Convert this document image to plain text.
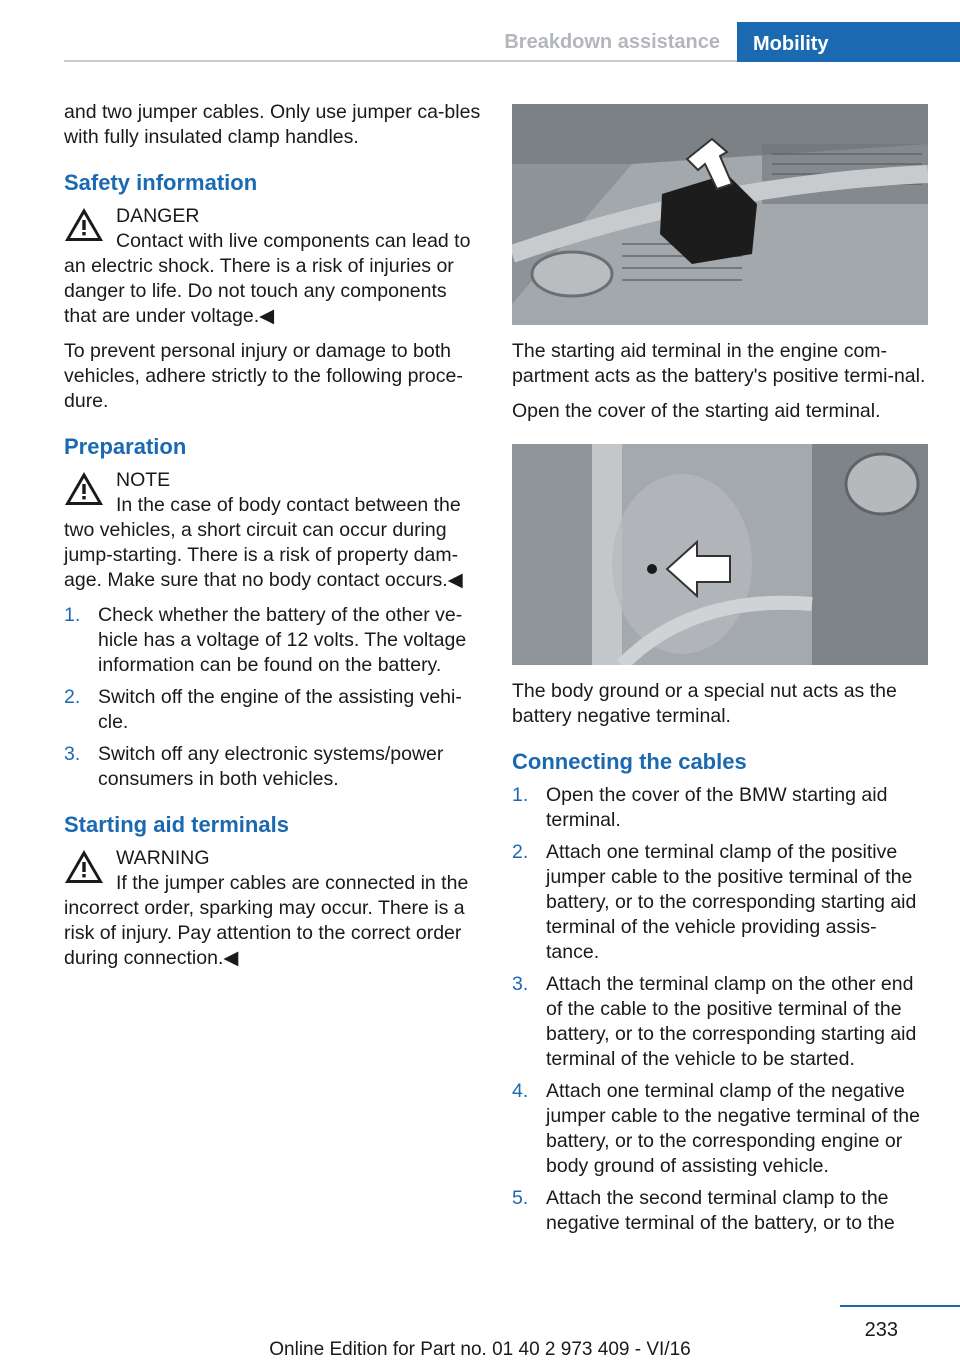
Breakdown assistance Mobility

and two jumper cables. Only use jumper ca-bles with fully insulated clamp handles.

Safety information
DANGER
Contact with live components can lead to an electric shock. There is a risk of injuries or danger to life. Do not touch any components that are under voltage.◀

To prevent personal injury or damage to both vehicles, adhere strictly to the following proce-dure.

Preparation
NOTE
In the case of body contact between the two vehicles, a short circuit can occur during jump-starting. There is a risk of property dam-age. Make sure that no body contact occurs.◀
1. Check whether the battery of the other ve-hicle has a voltage of 12 volts. The voltage information can be found on the battery.
2. Switch off the engine of the assisting vehi-cle.
3. Switch off any electronic systems/power consumers in both vehicles.
Starting aid terminals
WARNING
If the jumper cables are connected in the incorrect order, sparking may occur. There is a risk of injury. Pay attention to the correct order during connection.◀

The starting aid terminal in the engine com-partment acts as the battery's positive termi-nal.

Open the cover of the starting aid terminal.

The body ground or a special nut acts as the battery negative terminal.

Connecting the cables
1. Open the cover of the BMW starting aid terminal.
2. Attach one terminal clamp of the positive jumper cable to the positive terminal of the battery, or to the corresponding starting aid terminal of the vehicle providing assis-tance.
3. Attach the terminal clamp on the other end of the cable to the positive terminal of the battery, or to the corresponding starting aid terminal of the vehicle to be started.
4. Attach one terminal clamp of the negative jumper cable to the negative terminal of the battery, or to the corresponding engine or body ground of assisting vehicle.
5. Attach the second terminal clamp to the negative terminal of the battery, or to the
233
Online Edition for Part no. 01 40 2 973 409 - VI/16
